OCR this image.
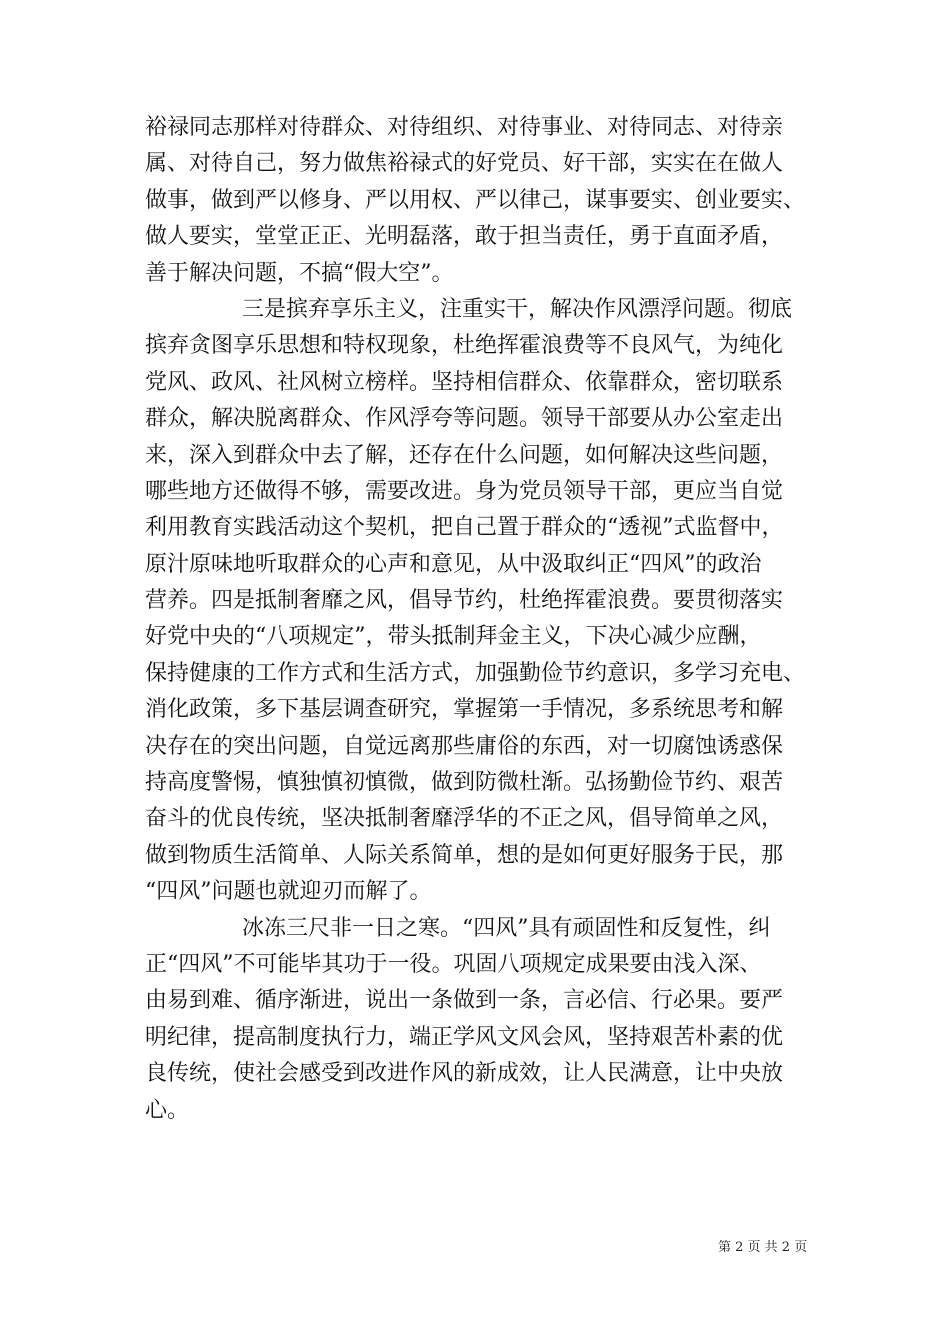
裕禄同志那样对待群众、对待组织、对待事业、对待同志、对待亲
属、对待自己，努力做焦裕禄式的好党员、好干部，实实在在做人
做事，做到严以修身、严以用权、严以律己，谋事要实、创业要实、
做人要实，堂堂正正、光明磊落，敢于担当责任，勇于直面矛盾，
善于解决问题，不搞“假大空”。
三是摈弃享乐主义，注重实干，解决作风漂浮问题。彻底
摈弃贪图享乐思想和特权现象，杜绝挥霍浪费等不良风气，为纯化
党风、政风、社风树立榜样。坚持相信群众、依靠群众，密切联系
群众，解决脱离群众、作风浮夸等问题。领导干部要从办公室走出
来，深入到群众中去了解，还存在什么问题，如何解决这些问题，
哪些地方还做得不够，需要改进。身为党员领导干部，更应当自觉
利用教育实践活动这个契机，把自己置于群众的“透视”式监督中，
原汁原味地听取群众的心声和意见，从中汲取纠正“四风”的政治
营养。四是抵制奢靡之风，倡导节约，杜绝挥霍浪费。要贯彻落实
好党中央的“八项规定”，带头抵制拜金主义，下决心减少应酬，
保持健康的工作方式和生活方式，加强勤俭节约意识，多学习充电、
消化政策，多下基层调查研究，掌握第一手情况，多系统思考和解
决存在的突出问题，自觉远离那些庸俗的东西，对一切腐蚀诱惑保
持高度警惕，慎独慎初慎微，做到防微杜渐。弘扬勤俭节约、艰苦
奋斗的优良传统，坚决抵制奢靡浮华的不正之风，倡导简单之风，
做到物质生活简单、人际关系简单，想的是如何更好服务于民，那
“四风”问题也就迎刃而解了。
冰冻三尺非一日之寒。“四风”具有顽固性和反复性，纠
正“四风”不可能毕其功于一役。巩固八项规定成果要由浅入深、
由易到难、循序渐进，说出一条做到一条，言必信、行必果。要严
明纪律，提高制度执行力，端正学风文风会风，坚持艰苦朴素的优
良传统，使社会感受到改进作风的新成效，让人民满意，让中央放
心。
第 2 页 共 2 页
